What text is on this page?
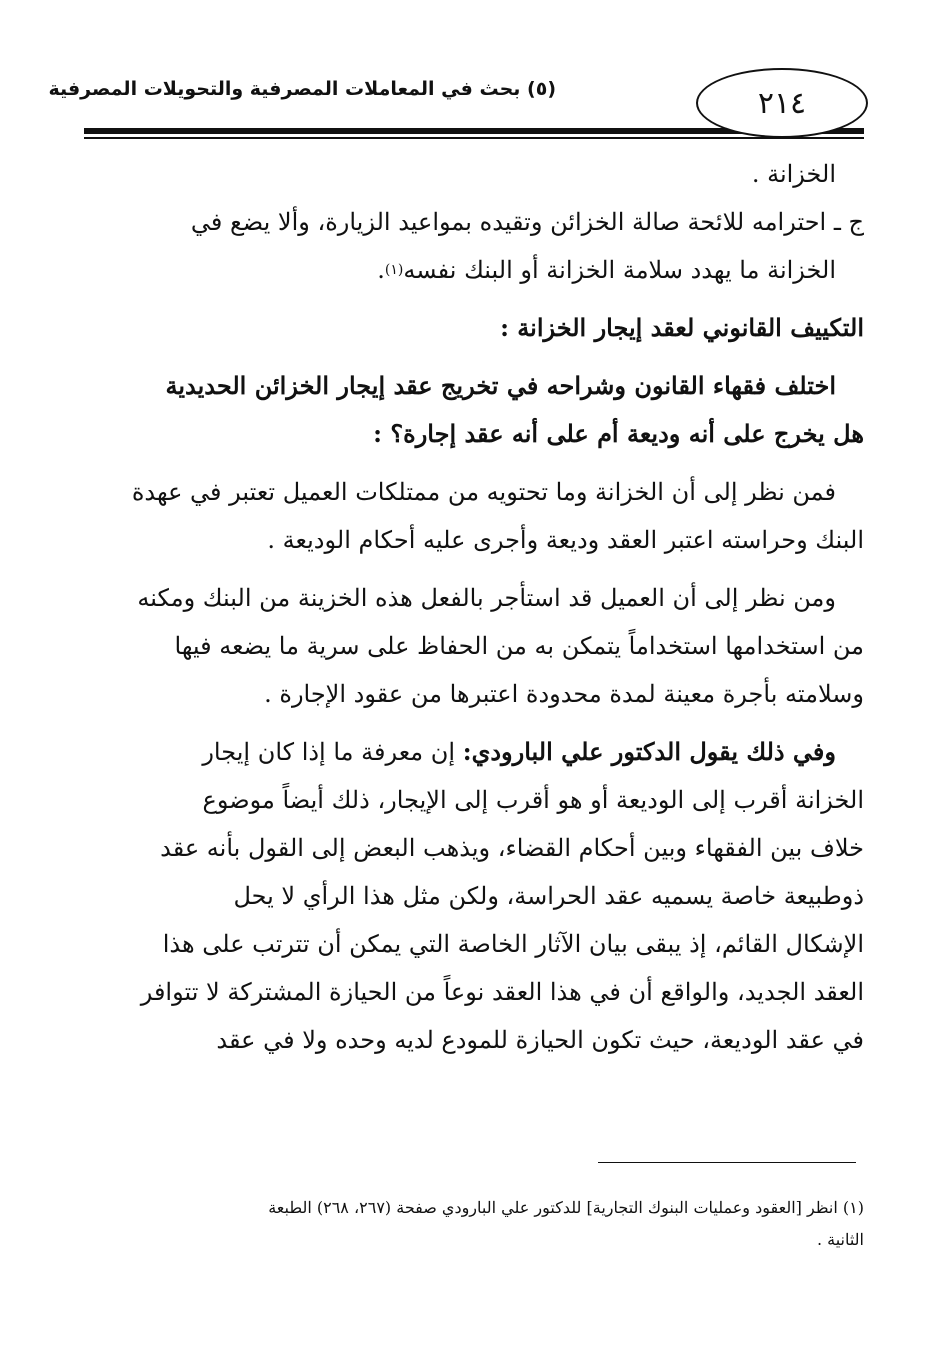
٢١٤
(٥) بحث في المعاملات المصرفية والتحويلات المصرفية
الخزانة .
ج ـ احترامه للائحة صالة الخزائن وتقيده بمواعيد الزيارة، وألا يضع في
الخزانة ما يهدد سلامة الخزانة أو البنك نفسه
(١)
.
التكييف القانوني لعقد إيجار الخزانة :
اختلف فقهاء القانون وشراحه في تخريج عقد إيجار الخزائن الحديدية
هل يخرج على أنه وديعة أم على أنه عقد إجارة؟ :
فمن نظر إلى أن الخزانة وما تحتويه من ممتلكات العميل تعتبر في عهدة
البنك وحراسته اعتبر العقد وديعة وأجرى عليه أحكام الوديعة .
ومن نظر إلى أن العميل قد استأجر بالفعل هذه الخزينة من البنك ومكنه
من استخدامها استخداماً يتمكن به من الحفاظ على سرية ما يضعه فيها
وسلامته بأجرة معينة لمدة محدودة اعتبرها من عقود الإجارة .
وفي ذلك يقول الدكتور علي البارودي: إن معرفة ما إذا كان إيجار
الخزانة أقرب إلى الوديعة أو هو أقرب إلى الإيجار، ذلك أيضاً موضوع
خلاف بين الفقهاء وبين أحكام القضاء، ويذهب البعض إلى القول بأنه عقد
ذوطبيعة خاصة يسميه عقد الحراسة، ولكن مثل هذا الرأي لا يحل
الإشكال القائم، إذ يبقى بيان الآثار الخاصة التي يمكن أن تترتب على هذا
العقد الجديد، والواقع أن في هذا العقد نوعاً من الحيازة المشتركة لا تتوافر
في عقد الوديعة، حيث تكون الحيازة للمودع لديه وحده ولا في عقد
(١) انظر [العقود وعمليات البنوك التجارية] للدكتور علي البارودي صفحة (٢٦٧، ٢٦٨) الطبعة
الثانية .
